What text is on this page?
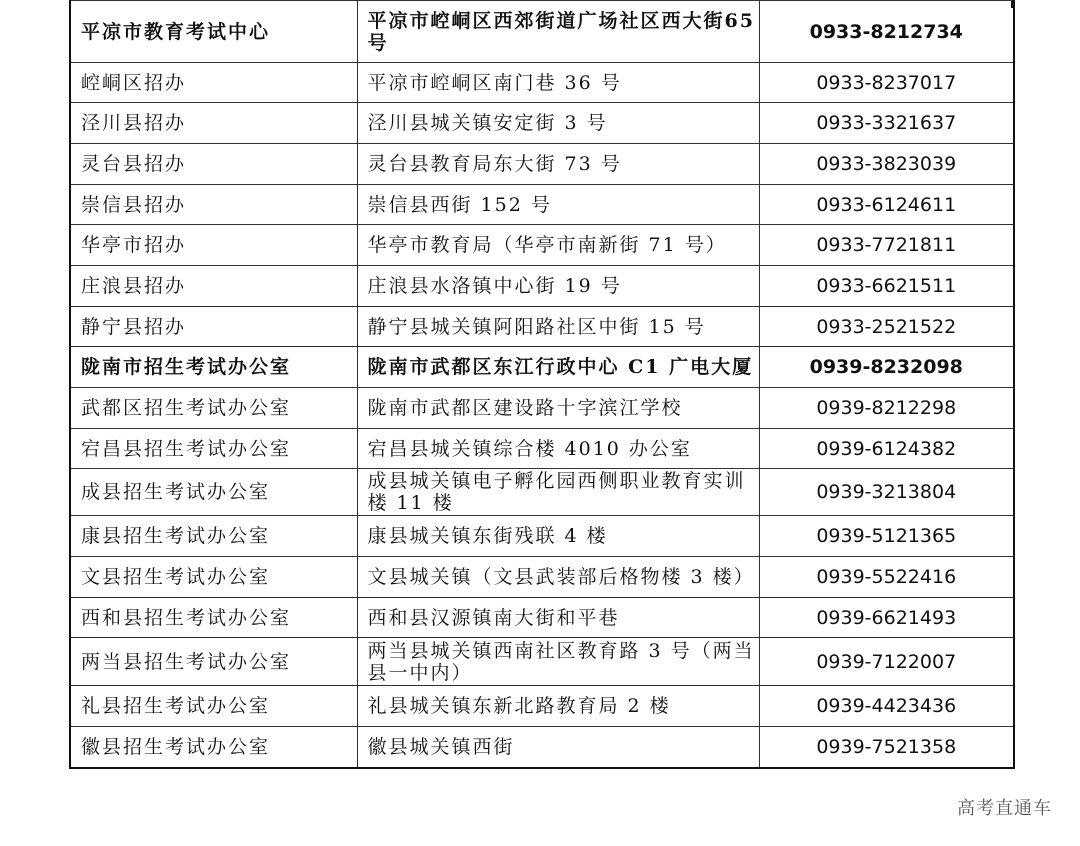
平凉市教育考试中心	平凉市崆峒区西郊街道广场社区西大街65号	0933-8212734
崆峒区招办	平凉市崆峒区南门巷 36 号	0933-8237017
泾川县招办	泾川县城关镇安定街 3 号	0933-3321637
灵台县招办	灵台县教育局东大街 73 号	0933-3823039
崇信县招办	崇信县西街 152 号	0933-6124611
华亭市招办	华亭市教育局（华亭市南新街 71 号）	0933-7721811
庄浪县招办	庄浪县水洛镇中心街 19 号	0933-6621511
静宁县招办	静宁县城关镇阿阳路社区中街 15 号	0933-2521522
陇南市招生考试办公室	陇南市武都区东江行政中心 C1 广电大厦	0939-8232098
武都区招生考试办公室	陇南市武都区建设路十字滨江学校	0939-8212298
宕昌县招生考试办公室	宕昌县城关镇综合楼 4010 办公室	0939-6124382
成县招生考试办公室	成县城关镇电子孵化园西侧职业教育实训楼 11 楼	0939-3213804
康县招生考试办公室	康县城关镇东街残联 4 楼	0939-5121365
文县招生考试办公室	文县城关镇（文县武装部后格物楼 3 楼）	0939-5522416
西和县招生考试办公室	西和县汉源镇南大街和平巷	0939-6621493
两当县招生考试办公室	两当县城关镇西南社区教育路 3 号（两当县一中内）	0939-7122007
礼县招生考试办公室	礼县城关镇东新北路教育局 2 楼	0939-4423436
徽县招生考试办公室	徽县城关镇西街	0939-7521358
高考直通车
